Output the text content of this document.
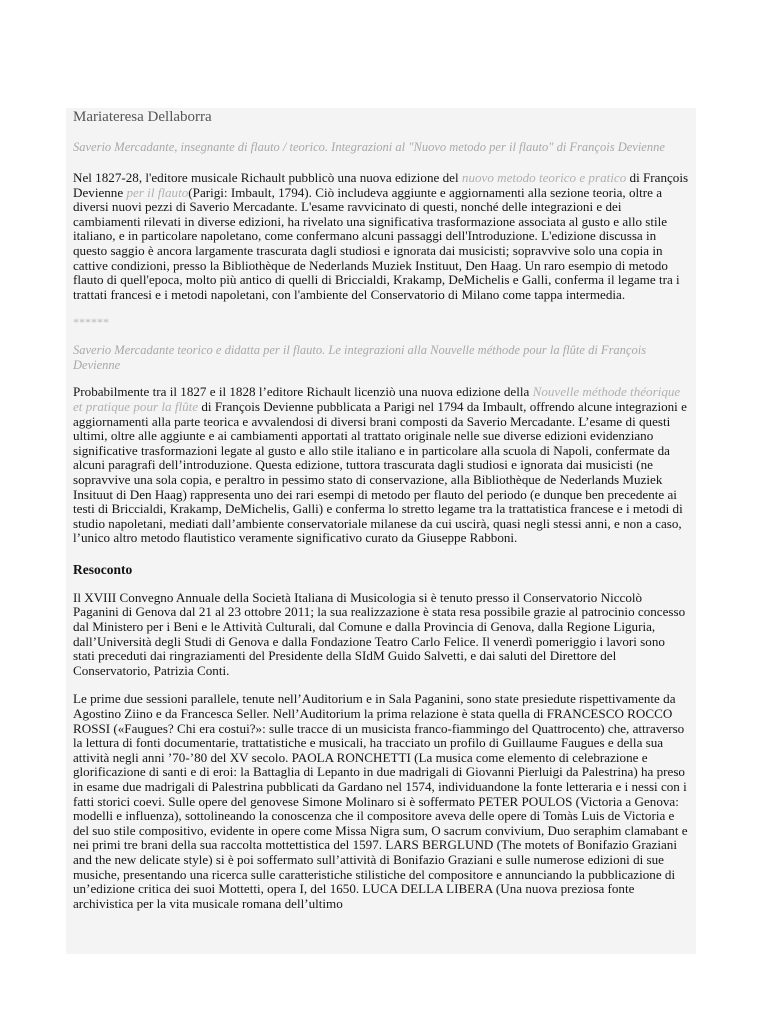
Mariateresa Dellaborra

Saverio Mercadante, insegnante di flauto / teorico. Integrazioni al "Nuovo metodo per il flauto" di François Devienne

Nel 1827-28, l'editore musicale Richault pubblicò una nuova edizione del nuovo metodo teorico e pratico di François Devienne per il flauto(Parigi: Imbault, 1794). Ciò includeva aggiunte e aggiornamenti alla sezione teoria, oltre a diversi nuovi pezzi di Saverio Mercadante. L'esame ravvicinato di questi, nonché delle integrazioni e dei cambiamenti rilevati in diverse edizioni, ha rivelato una significativa trasformazione associata al gusto e allo stile italiano, e in particolare napoletano, come confermano alcuni passaggi dell'Introduzione. L'edizione discussa in questo saggio è ancora largamente trascurata dagli studiosi e ignorata dai musicisti; sopravvive solo una copia in cattive condizioni, presso la Bibliothèque de Nederlands Muziek Instituut, Den Haag. Un raro esempio di metodo flauto di quell'epoca, molto più antico di quelli di Briccialdi, Krakamp, DeMichelis e Galli, conferma il legame tra i trattati francesi e i metodi napoletani, con l'ambiente del Conservatorio di Milano come tappa intermedia.

******

Saverio Mercadante teorico e didatta per il flauto. Le integrazioni alla Nouvelle méthode pour la flûte di François Devienne

Probabilmente tra il 1827 e il 1828 l’editore Richault licenziò una nuova edizione della Nouvelle méthode théorique et pratique pour la flûte di François Devienne pubblicata a Parigi nel 1794 da Imbault, offrendo alcune integrazioni e aggiornamenti alla parte teorica e avvalendosi di diversi brani composti da Saverio Mercadante. L’esame di questi ultimi, oltre alle aggiunte e ai cambiamenti apportati al trattato originale nelle sue diverse edizioni evidenziano significative trasformazioni legate al gusto e allo stile italiano e in particolare alla scuola di Napoli, confermate da alcuni paragrafi dell’introduzione. Questa edizione, tuttora trascurata dagli studiosi e ignorata dai musicisti (ne sopravvive una sola copia, e peraltro in pessimo stato di conservazione, alla Bibliothèque de Nederlands Muziek Insituut di Den Haag) rappresenta uno dei rari esempi di metodo per flauto del periodo (e dunque ben precedente ai testi di Briccialdi, Krakamp, DeMichelis, Galli) e conferma lo stretto legame tra la trattatistica francese e i metodi di studio napoletani, mediati dall’ambiente conservatoriale milanese da cui uscirà, quasi negli stessi anni, e non a caso, l’unico altro metodo flautistico veramente significativo curato da Giuseppe Rabboni.

Resoconto

Il XVIII Convegno Annuale della Società Italiana di Musicologia si è tenuto presso il Conservatorio Niccolò Paganini di Genova dal 21 al 23 ottobre 2011; la sua realizzazione è stata resa possibile grazie al patrocinio concesso dal Ministero per i Beni e le Attività Culturali, dal Comune e dalla Provincia di Genova, dalla Regione Liguria, dall’Università degli Studi di Genova e dalla Fondazione Teatro Carlo Felice. Il venerdì pomeriggio i lavori sono stati preceduti dai ringraziamenti del Presidente della SIdM Guido Salvetti, e dai saluti del Direttore del Conservatorio, Patrizia Conti.

Le prime due sessioni parallele, tenute nell’Auditorium e in Sala Paganini, sono state presiedute rispettivamente da Agostino Ziino e da Francesca Seller. Nell’Auditorium la prima relazione è stata quella di FRANCESCO ROCCO ROSSI («Faugues? Chi era costui?»: sulle tracce di un musicista franco-fiammingo del Quattrocento) che, attraverso la lettura di fonti documentarie, trattatistiche e musicali, ha tracciato un profilo di Guillaume Faugues e della sua attività negli anni ’70-’80 del XV secolo. PAOLA RONCHETTI (La musica come elemento di celebrazione e glorificazione di santi e di eroi: la Battaglia di Lepanto in due madrigali di Giovanni Pierluigi da Palestrina) ha preso in esame due madrigali di Palestrina pubblicati da Gardano nel 1574, individuandone la fonte letteraria e i nessi con i fatti storici coevi. Sulle opere del genovese Simone Molinaro si è soffermato PETER POULOS (Victoria a Genova: modelli e influenza), sottolineando la conoscenza che il compositore aveva delle opere di Tomàs Luis de Victoria e del suo stile compositivo, evidente in opere come Missa Nigra sum, O sacrum convivium, Duo seraphim clamabant e nei primi tre brani della sua raccolta mottettistica del 1597. LARS BERGLUND (The motets of Bonifazio Graziani and the new delicate style) si è poi soffermato sull’attività di Bonifazio Graziani e sulle numerose edizioni di sue musiche, presentando una ricerca sulle caratteristiche stilistiche del compositore e annunciando la pubblicazione di un’edizione critica dei suoi Mottetti, opera I, del 1650. LUCA DELLA LIBERA (Una nuova preziosa fonte archivistica per la vita musicale romana dell’ultimo
